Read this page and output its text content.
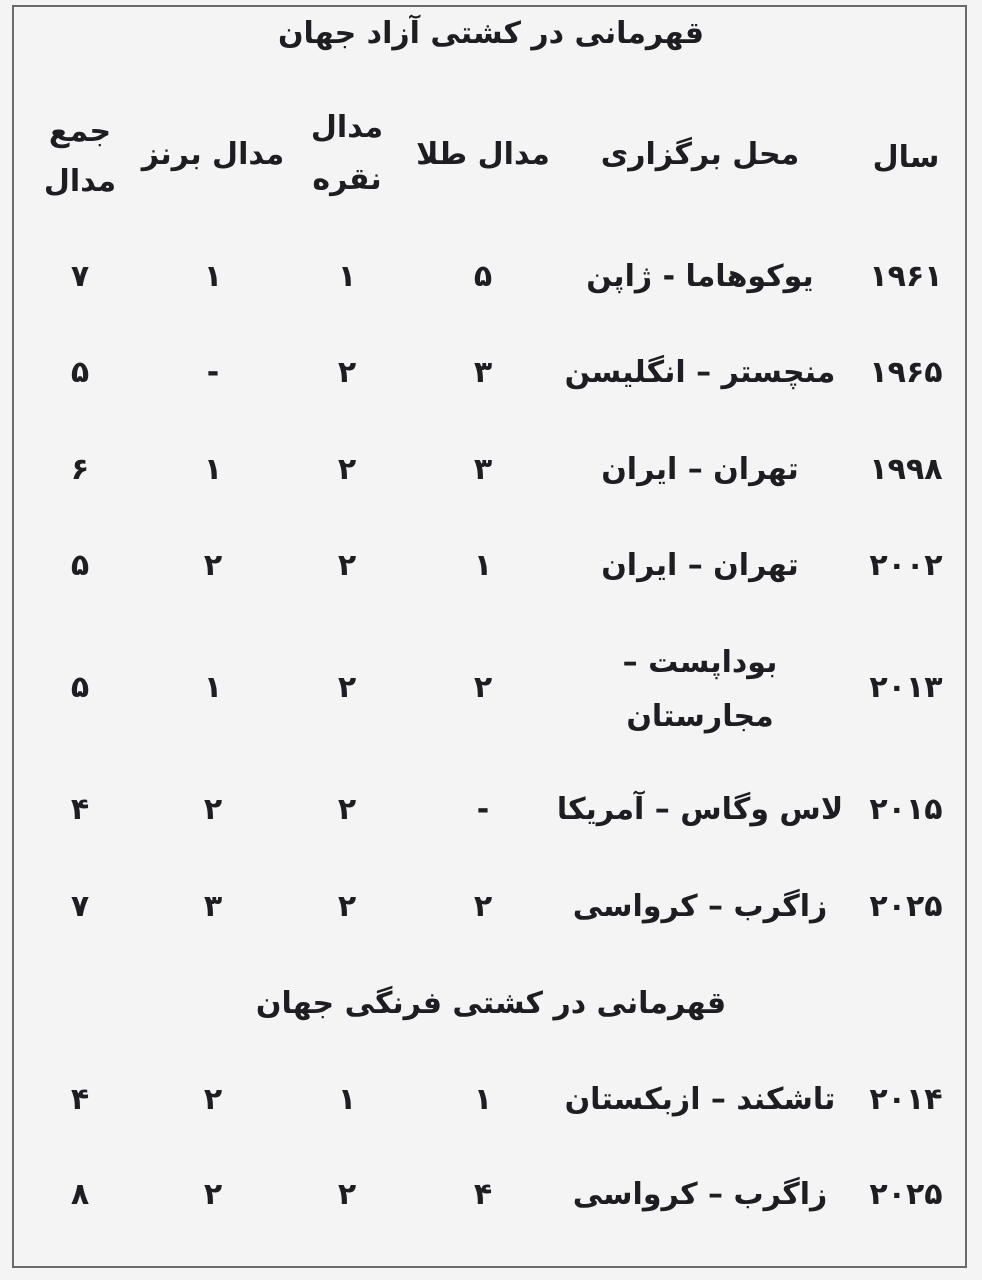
قهرمانی در کشتی آزاد جهان
سال
محل برگزاری
مدال طلا
مدال
نقره
مدال برنز
جمع
مدال
۱۹۶۱
یوکوهاما - ژاپن
۵
۱
۱
۷
۱۹۶۵
منچستر – انگلیسن
۳
۲
-
۵
۱۹۹۸
تهران – ایران
۳
۲
۱
۶
۲۰۰۲
تهران – ایران
۱
۲
۲
۵
۲۰۱۳
بوداپست – مجارستان
۲
۲
۱
۵
۲۰۱۵
لاس وگاس – آمریکا
-
۲
۲
۴
۲۰۲۵
زاگرب – کرواسی
۲
۲
۳
۷
قهرمانی در کشتی فرنگی جهان
۲۰۱۴
تاشکند – ازبکستان
۱
۱
۲
۴
۲۰۲۵
زاگرب – کرواسی
۴
۲
۲
۸
